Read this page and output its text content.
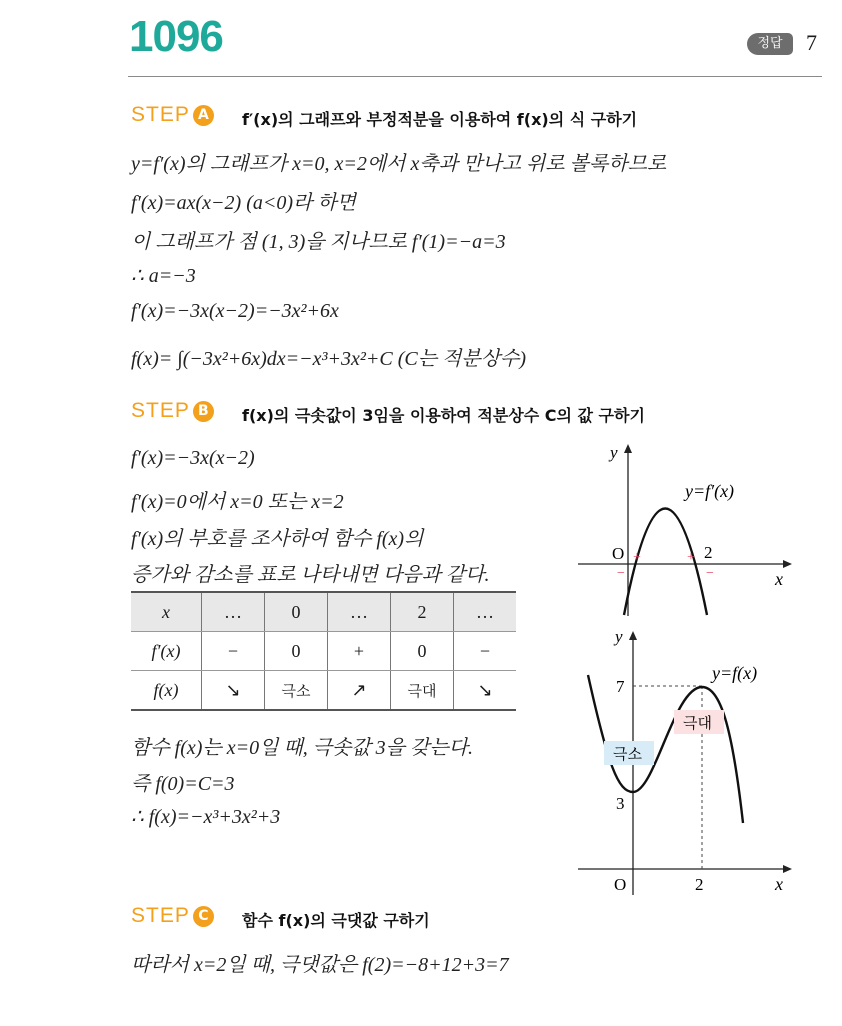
1096	정답	7
STEP A	f′(x)의 그래프와 부정적분을 이용하여 f(x)의 식 구하기
y=f′(x)의 그래프가 x=0, x=2에서 x축과 만나고 위로 볼록하므로
f′(x)=ax(x−2) (a<0)라 하면
이 그래프가 점 (1, 3)을 지나므로 f′(1)=−a=3
∴ a=−3
f′(x)=−3x(x−2)=−3x²+6x
f(x)= ∫(−3x²+6x)dx=−x³+3x²+C (C는 적분상수)
STEP B	f(x)의 극솟값이 3임을 이용하여 적분상수 C의 값 구하기
f′(x)=−3x(x−2)
f′(x)=0에서 x=0 또는 x=2
f′(x)의 부호를 조사하여 함수 f(x)의
증가와 감소를 표로 나타내면 다음과 같다.
x	…	0	…	2	…
f′(x)	−	0	+	0	−
f(x)	↘	극소	↗	극대	↘
함수 f(x)는 x=0일 때, 극솟값 3을 갖는다.
즉 f(0)=C=3
∴ f(x)=−x³+3x²+3
y
x
O	2
y=f′(x)
+	+
−	−
극대
극소
y
x
O	2
7
3
y=f(x)
STEP C	함수 f(x)의 극댓값 구하기
따라서 x=2일 때, 극댓값은 f(2)=−8+12+3=7
